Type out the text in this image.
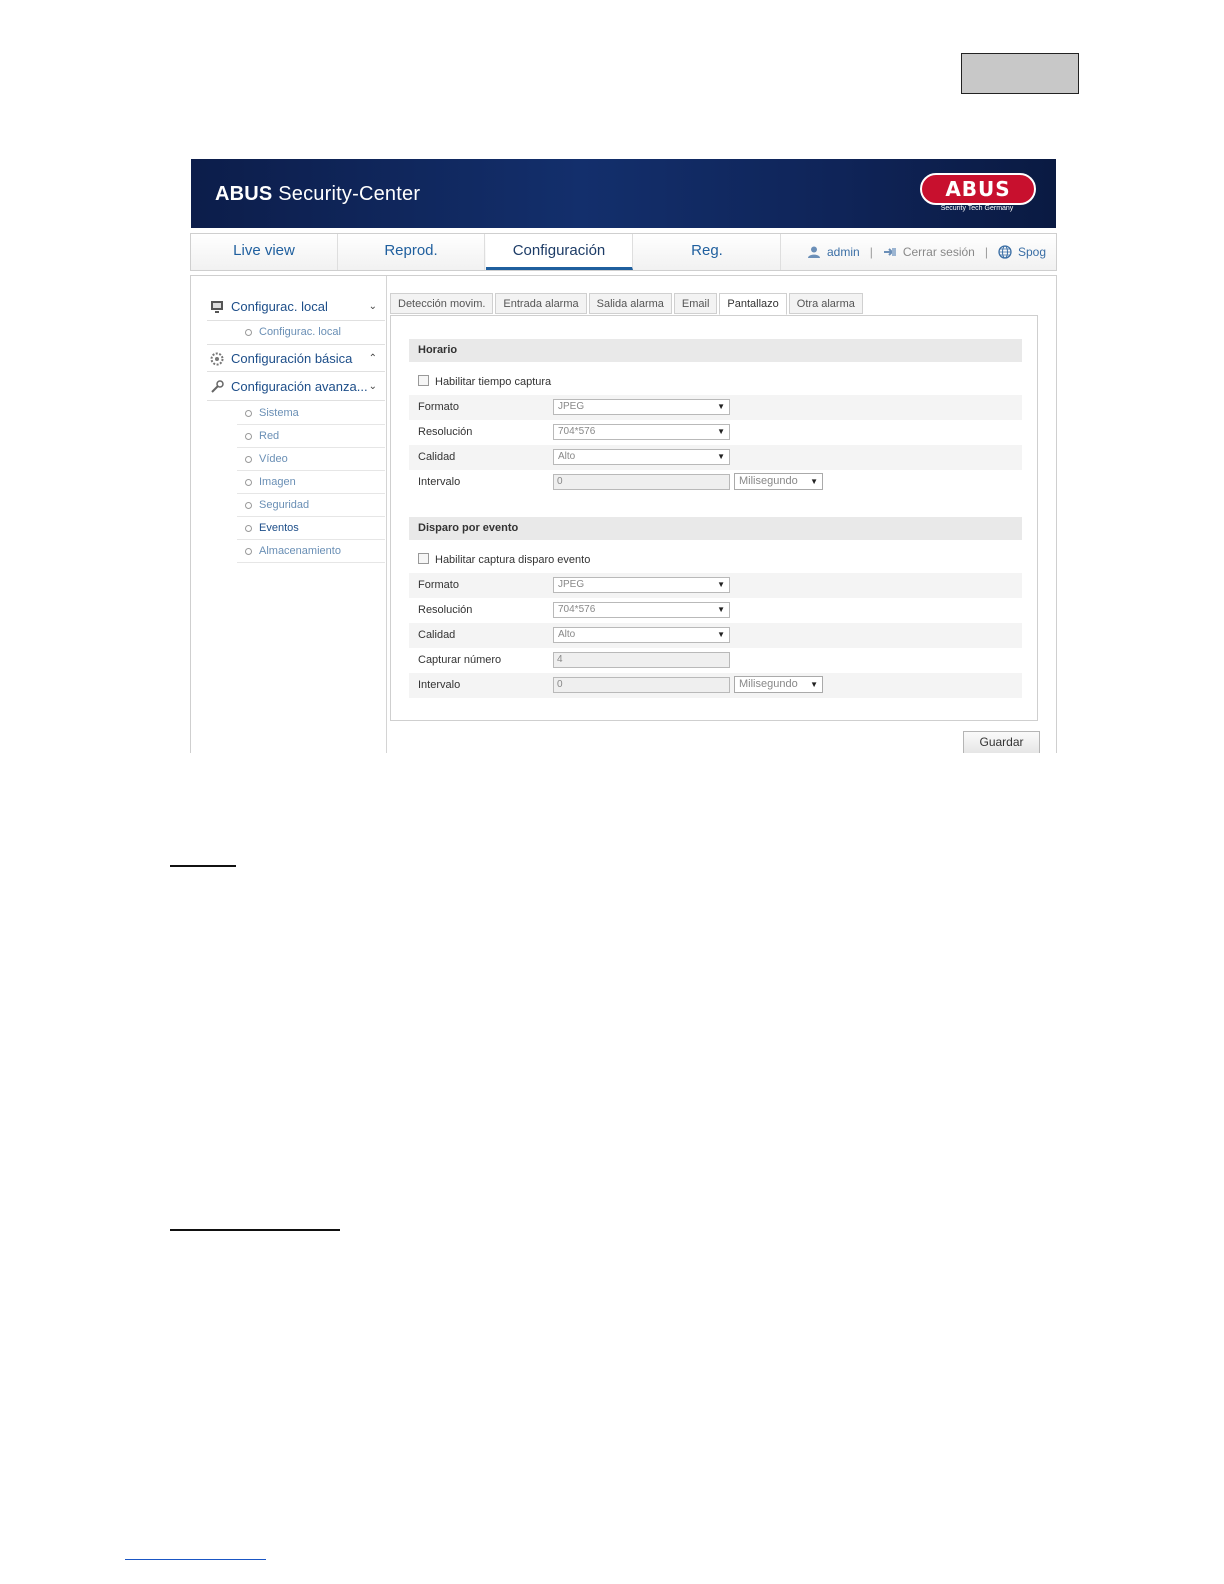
ABUS Security-Center	ABUS
Security Tech Germany
Live view	Reprod.	Configuración	Reg.	admin |	Cerrar sesión |	Spog
Configurac. local	⌄
Configurac. local
Configuración básica ⌃
Configuración avanza... ⌄
Sistema
Red
Vídeo
Imagen
Seguridad
Eventos
Almacenamiento
Detección movim.	Entrada alarma	Salida alarma	Email	Pantallazo	Otra alarma
Horario
Habilitar tiempo captura
Formato	JPEG	▼
Resolución	704*576	▼
Calidad	Alto	▼
Intervalo	0	Milisegundo ▼
Disparo por evento
Habilitar captura disparo evento
Formato	JPEG	▼
Resolución	704*576	▼
Calidad	Alto	▼
Capturar número	4
Intervalo	0	Milisegundo ▼
Guardar
